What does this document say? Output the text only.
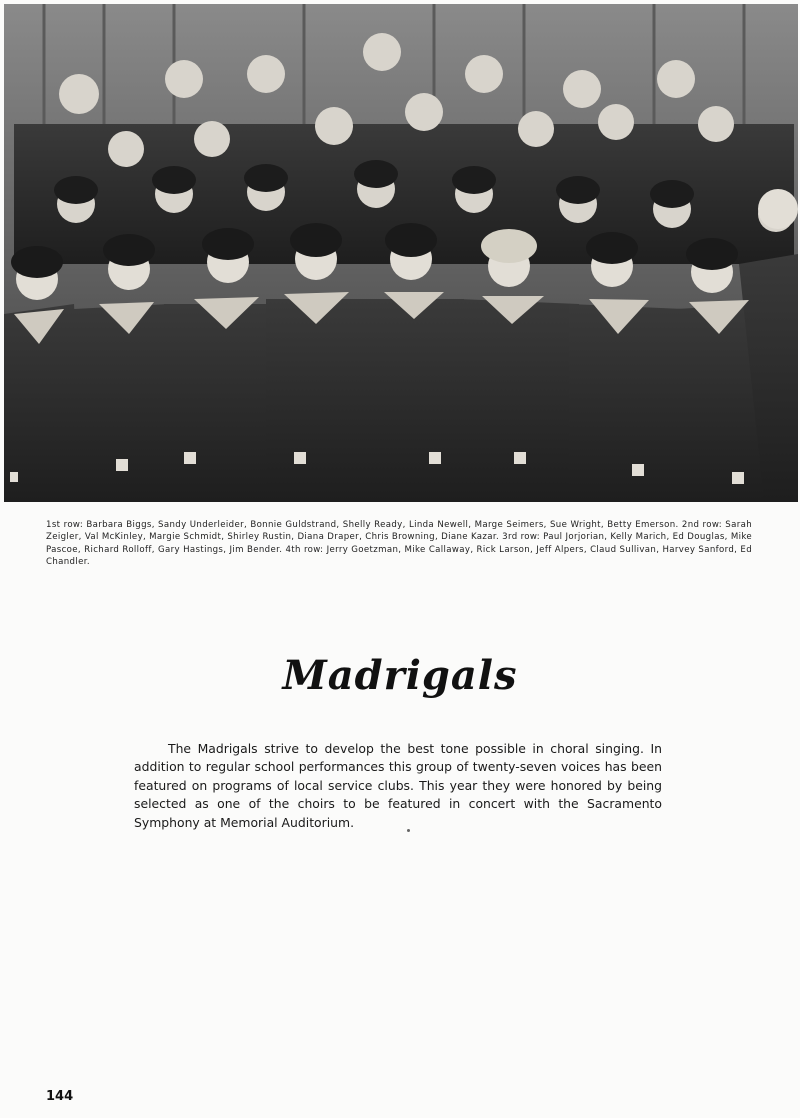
1st row: Barbara Biggs, Sandy Underleider, Bonnie Guldstrand, Shelly Ready, Linda Newell, Marge Seimers, Sue Wright, Betty Emerson. 2nd row: Sarah Zeigler, Val McKinley, Margie Schmidt, Shirley Rustin, Diana Draper, Chris Browning, Diane Kazar. 3rd row: Paul Jorjorian, Kelly Marich, Ed Douglas, Mike Pascoe, Richard Rolloff, Gary Hastings, Jim Bender. 4th row: Jerry Goetzman, Mike Callaway, Rick Larson, Jeff Alpers, Claud Sullivan, Harvey Sanford, Ed Chandler.
Madrigals
The Madrigals strive to develop the best tone possible in choral singing. In addition to regular school performances this group of twenty-seven voices has been featured on programs of local service clubs. This year they were honored by being selected as one of the choirs to be featured in concert with the Sacramento Symphony at Memorial Auditorium.
144
